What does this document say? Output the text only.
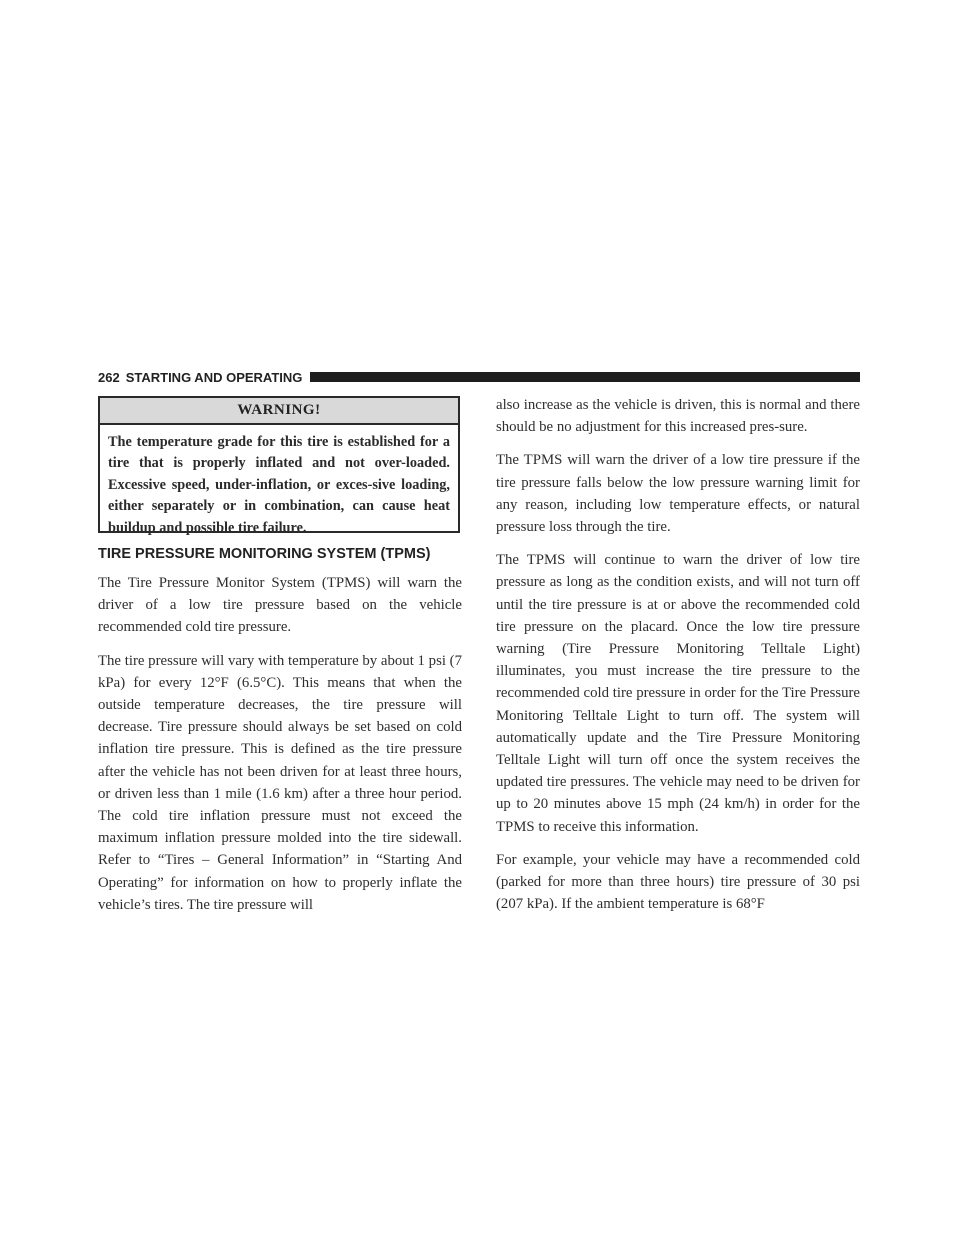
262 STARTING AND OPERATING
WARNING!
The temperature grade for this tire is established for a tire that is properly inflated and not over-loaded. Excessive speed, under-inflation, or exces-sive loading, either separately or in combination, can cause heat buildup and possible tire failure.
TIRE PRESSURE MONITORING SYSTEM (TPMS)

The Tire Pressure Monitor System (TPMS) will warn the driver of a low tire pressure based on the vehicle recommended cold tire pressure.

The tire pressure will vary with temperature by about 1 psi (7 kPa) for every 12°F (6.5°C). This means that when the outside temperature decreases, the tire pressure will decrease. Tire pressure should always be set based on cold inflation tire pressure. This is defined as the tire pressure after the vehicle has not been driven for at least three hours, or driven less than 1 mile (1.6 km) after a three hour period. The cold tire inflation pressure must not exceed the maximum inflation pressure molded into the tire sidewall. Refer to “Tires – General Information” in “Starting And Operating” for information on how to properly inflate the vehicle’s tires. The tire pressure will

also increase as the vehicle is driven, this is normal and there should be no adjustment for this increased pres-sure.

The TPMS will warn the driver of a low tire pressure if the tire pressure falls below the low pressure warning limit for any reason, including low temperature effects, or natural pressure loss through the tire.

The TPMS will continue to warn the driver of low tire pressure as long as the condition exists, and will not turn off until the tire pressure is at or above the recommended cold tire pressure on the placard. Once the low tire pressure warning (Tire Pressure Monitoring Telltale Light) illuminates, you must increase the tire pressure to the recommended cold tire pressure in order for the Tire Pressure Monitoring Telltale Light to turn off. The system will automatically update and the Tire Pressure Monitoring Telltale Light will turn off once the system receives the updated tire pressures. The vehicle may need to be driven for up to 20 minutes above 15 mph (24 km/h) in order for the TPMS to receive this information.

For example, your vehicle may have a recommended cold (parked for more than three hours) tire pressure of 30 psi (207 kPa). If the ambient temperature is 68°F
